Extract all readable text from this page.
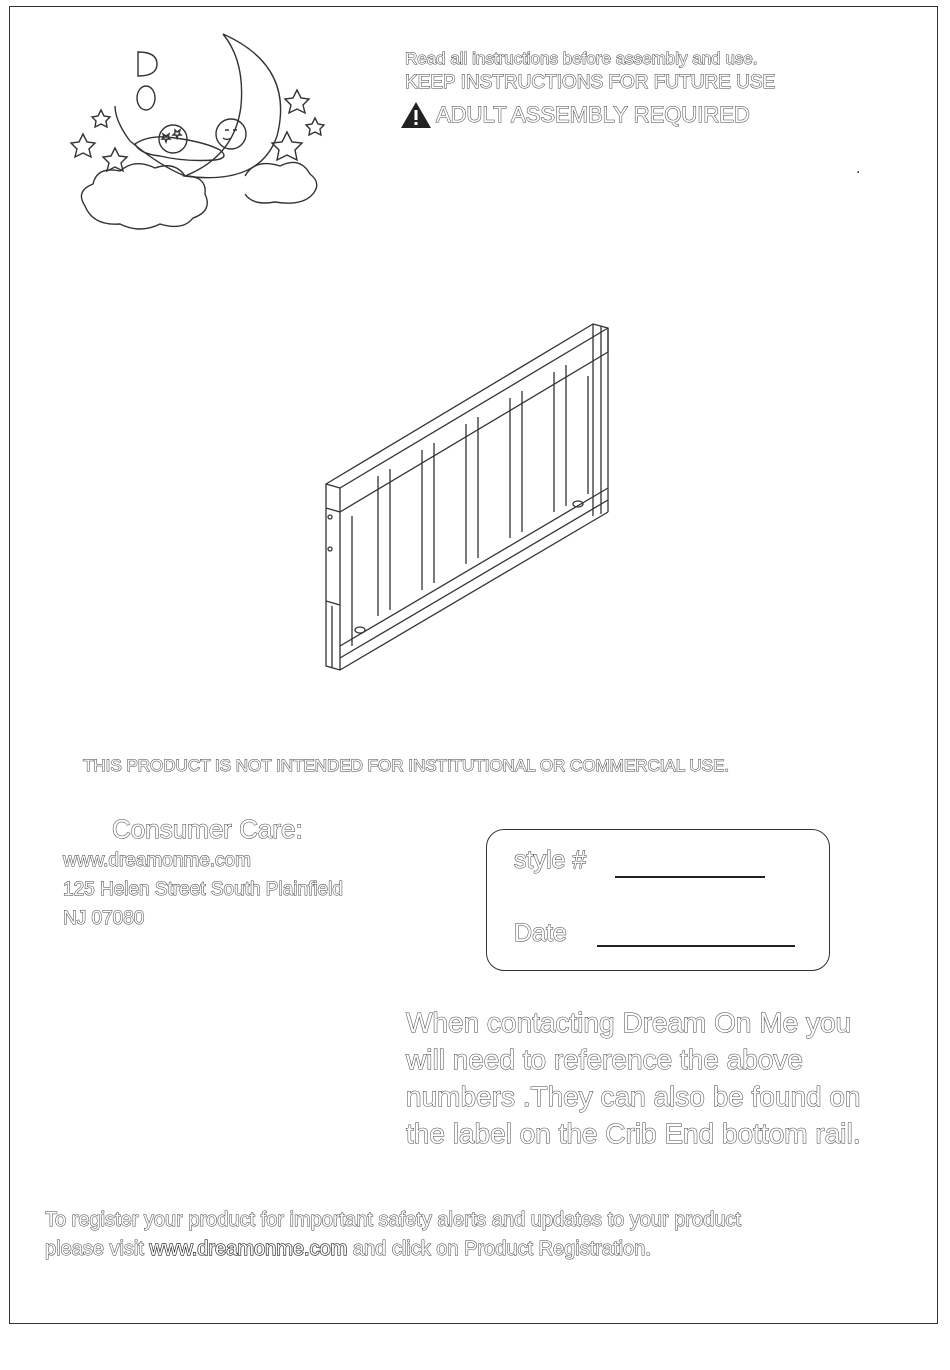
Read all instructions before assembly and use.
KEEP INSTRUCTIONS FOR FUTURE USE
ADULT ASSEMBLY REQUIRED
.
THIS PRODUCT IS NOT INTENDED FOR INSTITUTIONAL OR COMMERCIAL USE.
Consumer Care:
www.dreamonme.com
125 Helen Street South Plainfield
NJ 07080
style #
Date
When contacting Dream On Me you
will need to reference the above
numbers .They can also be found on
the label on the Crib End bottom rail.
To register your product for important safety alerts and updates to your product
please visit www.dreamonme.com and click on Product Registration.
